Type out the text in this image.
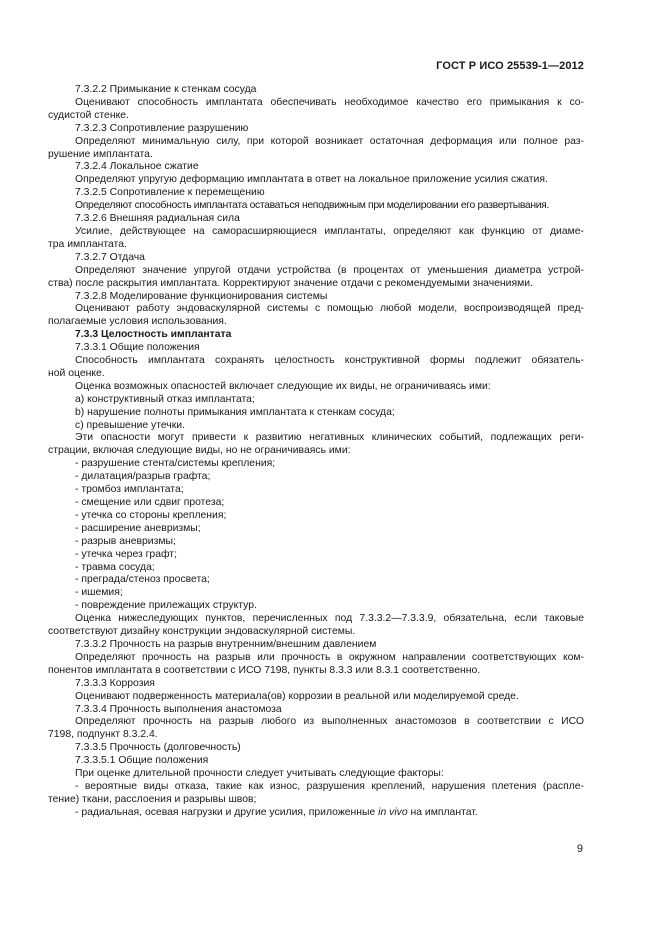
ГОСТ Р ИСО 25539-1—2012
7.3.2.2 Примыкание к стенкам сосуда
Оценивают способность имплантата обеспечивать необходимое качество его примыкания к со-
судистой стенке.
7.3.2.3 Сопротивление разрушению
Определяют минимальную силу, при которой возникает остаточная деформация или полное раз-
рушение имплантата.
7.3.2.4 Локальное сжатие
Определяют упругую деформацию имплантата в ответ на локальное приложение усилия сжатия.
7.3.2.5 Сопротивление к перемещению
Определяют способность имплантата оставаться неподвижным при моделировании его развертывания.
7.3.2.6 Внешняя радиальная сила
Усилие, действующее на саморасширяющиеся имплантаты, определяют как функцию от диаме-
тра имплантата.
7.3.2.7 Отдача
Определяют значение упругой отдачи устройства (в процентах от уменьшения диаметра устрой-
ства) после раскрытия имплантата. Корректируют значение отдачи с рекомендуемыми значениями.
7.3.2.8 Моделирование функционирования системы
Оценивают работу эндоваскулярной системы с помощью любой модели, воспроизводящей пред-
полагаемые условия использования.
7.3.3 Целостность имплантата
7.3.3.1 Общие положения
Способность имплантата сохранять целостность конструктивной формы подлежит обязатель-
ной оценке.
Оценка возможных опасностей включает следующие их виды, не ограничиваясь ими:
а) конструктивный отказ имплантата;
b) нарушение полноты примыкания имплантата к стенкам сосуда;
c) превышение утечки.
Эти опасности могут привести к развитию негативных клинических событий, подлежащих реги-
страции, включая следующие виды, но не ограничиваясь ими:
- разрушение стента/системы крепления;
- дилатация/разрыв графта;
- тромбоз имплантата;
- смещение или сдвиг протеза;
- утечка со стороны крепления;
- расширение аневризмы;
- разрыв аневризмы;
- утечка через графт;
- травма сосуда;
- преграда/стеноз просвета;
- ишемия;
- повреждение прилежащих структур.
Оценка нижеследующих пунктов, перечисленных под 7.3.3.2—7.3.3.9, обязательна, если таковые
соответствуют дизайну конструкции эндоваскулярной системы.
7.3.3.2 Прочность на разрыв внутренним/внешним давлением
Определяют прочность на разрыв или прочность в окружном направлении соответствующих ком-
понентов имплантата в соответствии с ИСО 7198, пункты 8.3.3 или 8.3.1 соответственно.
7.3.3.3 Коррозия
Оценивают подверженность материала(ов) коррозии в реальной или моделируемой среде.
7.3.3.4 Прочность выполнения анастомоза
Определяют прочность на разрыв любого из выполненных анастомозов в соответствии с ИСО
7198, подпункт 8.3.2.4.
7.3.3.5 Прочность (долговечность)
7.3.3.5.1 Общие положения
При оценке длительной прочности следует учитывать следующие факторы:
- вероятные виды отказа, такие как износ, разрушения креплений, нарушения плетения (распле-
тение) ткани, расслоения и разрывы швов;
- радиальная, осевая нагрузки и другие усилия, приложенные in vivo на имплантат.
9
